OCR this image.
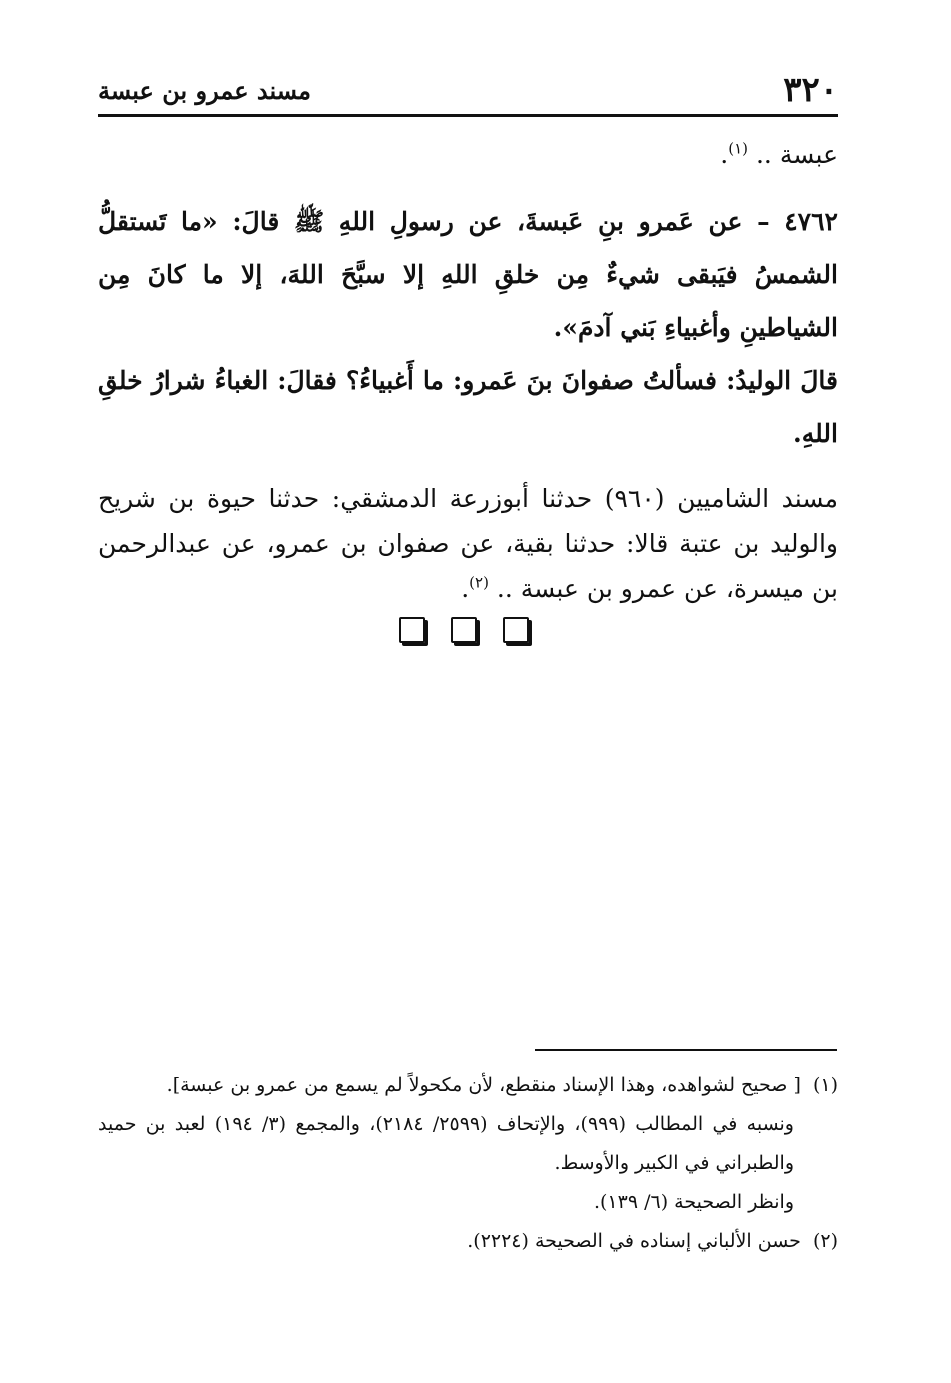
٣٢٠
مسند عمرو بن عبسة

عبسة .. $^{(١)}$.

٤٧٦٢ – عن عَمرو بنِ عَبسةَ، عن رسولِ اللهِ ﷺ قالَ: «ما تَستقلُّ الشمسُ فيَبقى شيءٌ مِن خلقِ اللهِ إلا سبَّحَ اللهَ، إلا ما كانَ مِن الشياطينِ وأغبياءِ بَني آدمَ».

قالَ الوليدُ: فسألتُ صفوانَ بنَ عَمرو: ما أَغبياءُ؟ فقالَ: الغباءُ شرارُ خلقِ اللهِ.

مسند الشاميين (٩٦٠) حدثنا أبوزرعة الدمشقي: حدثنا حيوة بن شريح والوليد بن عتبة قالا: حدثنا بقية، عن صفوان بن عمرو، عن عبدالرحمن بن ميسرة، عن عمرو بن عبسة .. $^{(٢)}$.

(١) [ صحيح لشواهده، وهذا الإسناد منقطع، لأن مكحولاً لم يسمع من عمرو بن عبسة].

ونسبه في المطالب (٩٩٩)، والإتحاف (٢٥٩٩/ ٢١٨٤)، والمجمع (٣/ ١٩٤) لعبد بن حميد والطبراني في الكبير والأوسط.

وانظر الصحيحة (٦/ ١٣٩).

(٢) حسن الألباني إسناده في الصحيحة (٢٢٢٤).
